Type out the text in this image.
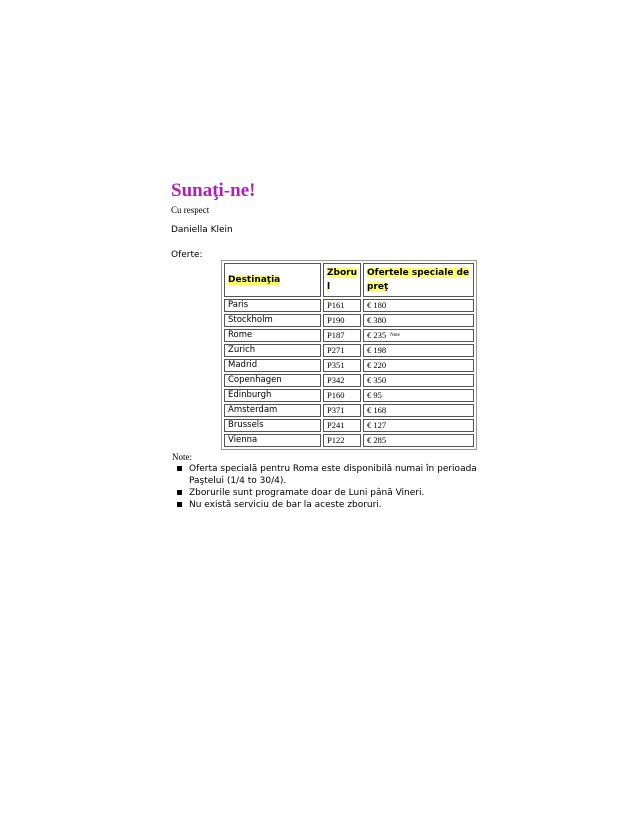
Sunaţi-ne!
Cu respect
Daniella Klein
Oferte:
Destinaţia	Zboru l	Ofertele speciale de preţ
Paris	P161	€ 180
Stockholm	P190	€ 380
Rome	P187	€ 235 $^{Note}$
Zurich	P271	€ 198
Madrid	P351	€ 220
Copenhagen	P342	€ 350
Edinburgh	P160	€ 95
Amsterdam	P371	€ 168
Brussels	P241	€ 127
Vienna	P122	€ 285
Note:
Oferta specială pentru Roma este disponibilă numai în perioada Paştelui (1/4 to 30/4).
Zborurile sunt programate doar de Luni până Vineri.
Nu există serviciu de bar la aceste zboruri.
